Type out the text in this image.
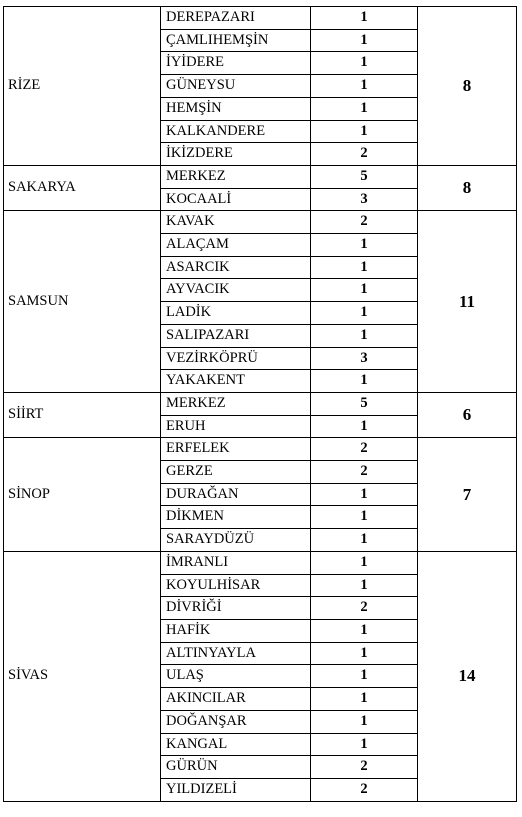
RİZE	DEREPAZARI	1	8
	ÇAMLIHEMŞİN	1	
	İYİDERE	1	
	GÜNEYSU	1	
	HEMŞİN	1	
	KALKANDERE	1	
	İKİZDERE	2	
SAKARYA	MERKEZ	5	8
	KOCAALİ	3	
SAMSUN	KAVAK	2	11
	ALAÇAM	1	
	ASARCIK	1	
	AYVACIK	1	
	LADİK	1	
	SALIPAZARI	1	
	VEZİRKÖPRÜ	3	
	YAKAKENT	1	
SİİRT	MERKEZ	5	6
	ERUH	1	
SİNOP	ERFELEK	2	7
	GERZE	2	
	DURAĞAN	1	
	DİKMEN	1	
	SARAYDÜZÜ	1	
SİVAS	İMRANLI	1	14
	KOYULHİSAR	1	
	DİVRİĞİ	2	
	HAFİK	1	
	ALTINYAYLA	1	
	ULAŞ	1	
	AKINCILAR	1	
	DOĞANŞAR	1	
	KANGAL	1	
	GÜRÜN	2	
	YILDIZELİ	2	
